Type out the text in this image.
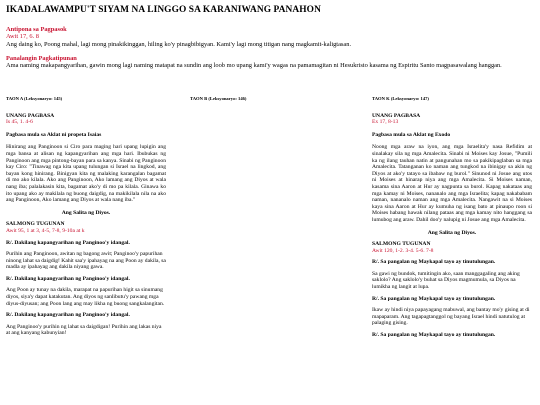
IKADALAWAMPU'T SIYAM NA LINGGO SA KARANIWANG PANAHON
Antipona sa Pagpasok
Awit 17, 6. 8
Ang daing ko, Poong mahal, lagi mong pinakikinggan, hiling ko'y pinagbibigyan. Kami'y lagi mong titigan nang magkamit-kaligtasan.
Panalangin Pagkatipunan
Ama naming makapangyarihan, gawin mong lagi naming matapat na sundin ang loob mo upang kami'y wagas na pamamagitan ni Hesukristo kasama ng Espiritu Santo magpasawalang hanggan.
TAON A (Leksyonaryo: 145)

UNANG PAGBASA

Is 45, 1. 4-6

Pagbasa mula sa Aklat ni propeta Isaias

Hinirang ang Panginoon si Ciro para maging hari upang lupigin ang mga bansa at alisan ng kapangyarihan ang mga hari. Ibubukas ng Panginoon ang mga pintong-bayan para sa kanya. Sinabi ng Panginoon kay Ciro: "Tinawag nga kita upang tulungan si Israel na lingkod, ang bayan kong hinirang. Binigyan kita ng malaking karangalan bagamat di mo ako kilala. Ako ang Panginoon, Ako lamang ang Diyos at wala nang iba; palalakasin kita, bagamat ako'y di mo pa kilala. Ginawa ko ito upang ako ay makilala ng buong daigdig, na makikilala nila na ako ang Panginoon, Ako lamang ang Diyos at wala nang iba."

Ang Salita ng Diyos.

SALMONG TUGUNAN

Awit 95, 1 at 3, 4-5, 7-8, 9-10a at k

R/. Dakilang kapangyarihan ng Panginoo'y idangal.

Purihin ang Panginoon, awitan ng bagong awit; Panginoo'y papurihan ninong lahat sa daigdig! Kahit saa'y ipahayag na ang Poon ay dakila, sa madla ay ipahayag ang dakila niyang gawa.

R/. Dakilang kapangyarihan ng Panginoo'y idangal.

Ang Poon ay tunay na dakila, marapat na papurihan higit sa sinumang diyos, siya'y dapat katakutan. Ang diyos ng sanlibutu'y pawang mga diyus-diyusan; ang Poon lang ang may likha ng buong sangkalangitan.

R/. Dakilang kapangyarihan ng Panginoo'y idangal.

Ang Panginoo'y purihin ng lahat sa daigdigan! Purihin ang lakas niya at ang kanyang kabunyian!

TAON B (Leksyonaryo: 146)	TAON K (Leksyonaryo: 147)

UNANG PAGBASA

Ex 17, 8-13

Pagbasa mula sa Aklat ng Exodo

Noong mga araw na iyon, ang mga Israelita'y nasa Refidim at sinalakay sila ng mga Amalecita. Sinabi ni Moises kay Josue, "Pumili ka ng ilang tauhan natin at pangunahan mo sa pakikipaglaban sa mga Amalecita. Tatanganan ko naman ang tungkod na ibinigay sa akin ng Diyos at ako'y tatayo sa ibabaw ng burol." Sinunod ni Josue ang utos ni Moises at hinarap niya ang mga Amalecita. Si Moises naman, kasama sina Aaron at Hur ay nagpunta sa burol. Kapag nakataas ang mga kamay ni Moises, nananalo ang mga Israelita; kapag nakababam naman, nananalo naman ang mga Amalecita. Nangawit na si Moises kaya sina Aaron at Hur ay kumuha ng isang bato at pinaupo roon si Moises habang hawak nilang pataas ang mga kamay nito hanggang sa lumubog ang araw. Dahil doo'y nalupig ni Josue ang mga Amalecita.

Ang Salita ng Diyos.

SALMONG TUGUNAN

Awit 120, 1-2. 3-4. 5-6. 7-8

R/. Sa pangalan ng Maykapal tayo ay tinutulungan.

Sa gawi ng bundok, tumitingin ako, saan manggagaling ang aking saklolo? Ang saklolo'y buhat sa Diyos magmumula, sa Diyos na lumikha ng langit at lupa.

R/. Sa pangalan ng Maykapal tayo ay tinutulungan.

Ikaw ay hindi niya papayagang mabuwal, ang bantay mo'y gising at di mapaparam. Ang tagapagtanggol ng bayang Israel hindi natutulog at palaging gising.

R/. Sa pangalan ng Maykapal tayo ay tinutulungan.
